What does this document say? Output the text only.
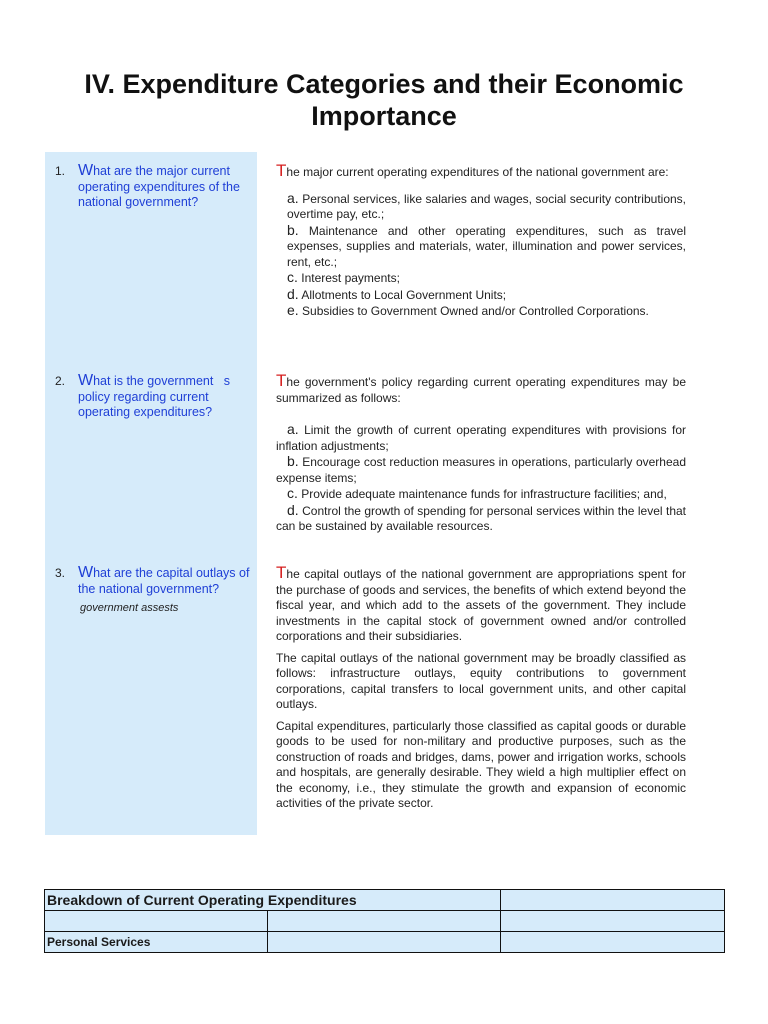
IV. Expenditure Categories and their Economic Importance
1. What are the major current operating expenditures of the national government?

The major current operating expenditures of the national government are:

a. Personal services, like salaries and wages, social security contributions, overtime pay, etc.;
b. Maintenance and other operating expenditures, such as travel expenses, supplies and materials, water, illumination and power services, rent, etc.;
c. Interest payments;
d. Allotments to Local Government Units;
e. Subsidies to Government Owned and/or Controlled Corporations.
2. What is the government   s policy regarding current operating expenditures?

The government's policy regarding current operating expenditures may be summarized as follows:

a. Limit the growth of current operating expenditures with provisions for inflation adjustments;
b. Encourage cost reduction measures in operations, particularly overhead expense items;
c. Provide adequate maintenance funds for infrastructure facilities; and,
d. Control the growth of spending for personal services within the level that can be sustained by available resources.
3. What are the capital outlays of the national government?
government assests

The capital outlays of the national government are appropriations spent for the purchase of goods and services, the benefits of which extend beyond the fiscal year, and which add to the assets of the government. They include investments in the capital stock of government owned and/or controlled corporations and their subsidiaries.

The capital outlays of the national government may be broadly classified as follows: infrastructure outlays, equity contributions to government corporations, capital transfers to local government units, and other capital outlays.

Capital expenditures, particularly those classified as capital goods or durable goods to be used for non-military and productive purposes, such as the construction of roads and bridges, dams, power and irrigation works, schools and hospitals, are generally desirable. They wield a high multiplier effect on the economy, i.e., they stimulate the growth and expansion of economic activities of the private sector.

Breakdown of Current Operating Expenditures		

Personal Services		
